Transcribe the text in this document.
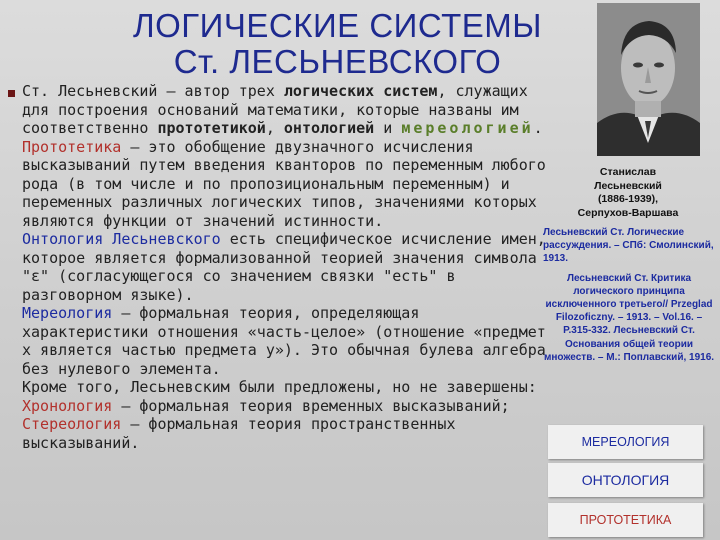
ЛОГИЧЕСКИЕ СИСТЕМЫ
Ст. ЛЕСЬНЕВСКОГО

Ст. Лесьневский – автор трех логических систем, служащих для построения оснований математики, которые названы им соответственно прототетикой, онтологией и мереологией.

Прототетика – это обобщение двузначного исчисления высказываний путем введения кванторов по переменным любого рода (в том числе и по пропозициональным переменным) и переменных различных логических типов, значениями которых являются функции от значений истинности.

Онтология Лесьневского есть специфическое исчисление имен, которое является формализованной теорией значения символа "ε" (согласующегося со значением связки "есть" в разговорном языке).

Мереология – формальная теория, определяющая характеристики отношения «часть-целое» (отношение «предмет x является частью предмета y»). Это обычная булева алгебра без нулевого элемента.

Кроме того, Лесьневским были предложены, но не завершены:

Хронология – формальная теория временных высказываний;

Стереология – формальная теория пространственных высказываний.

Станислав
Лесьневский
(1886-1939),
Серпухов-Варшава

Лесьневский Ст. Логические рассуждения. – СПб: Смолинский, 1913.

Лесьневский Ст. Критика логического принципа исключенного третьего// Przeglad Filozoficzny. – 1913. – Vol.16. – P.315-332. Лесьневский Ст. Основания общей теории множеств. – М.: Поплавский, 1916.

МЕРЕОЛОГИЯ
ОНТОЛОГИЯ
ПРОТОТЕТИКА
